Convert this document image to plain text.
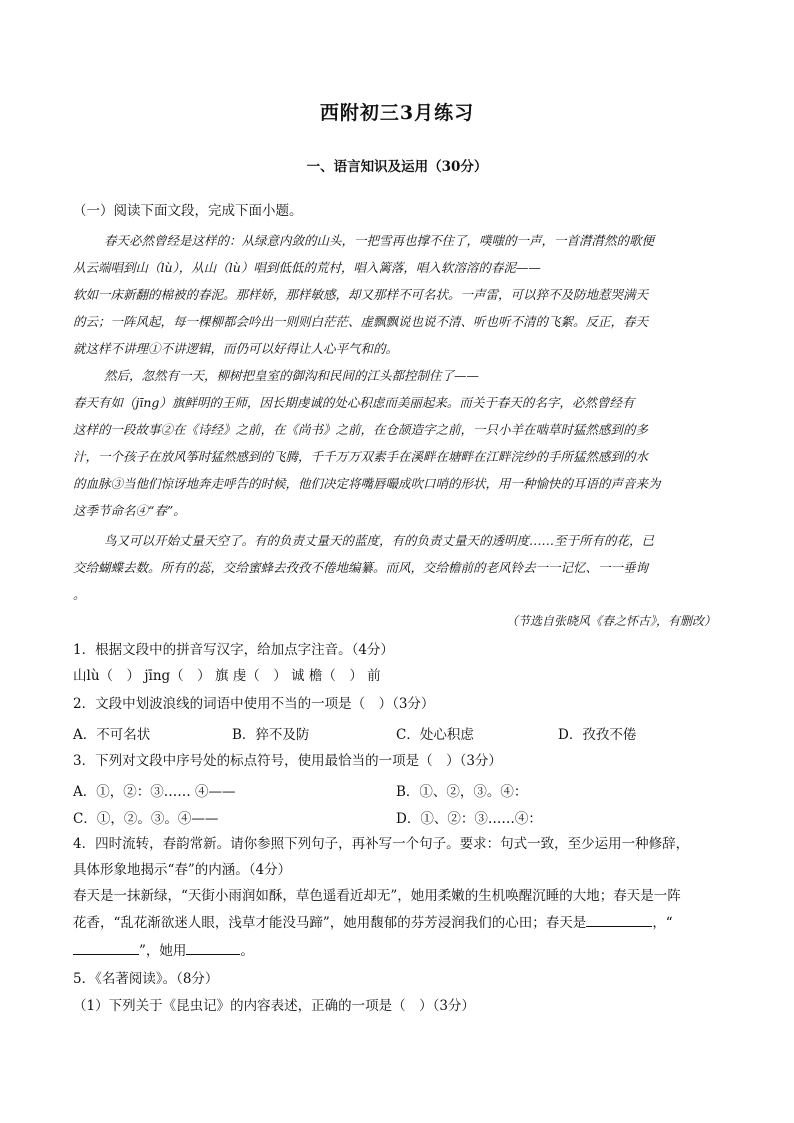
西附初三3月练习
一、语言知识及运用（30分）
（一）阅读下面文段，完成下面小题。
春天必然曾经是这样的：从绿意内敛的山头，一把雪再也撑不住了，噗嗤的一声，一首潸潸然的歌便
从云端唱到山（lù），从山（lù）唱到低低的荒村，唱入篱落，唱入软溶溶的春泥——
软如一床新翻的棉被的春泥。那样娇，那样敏感，却又那样不可名状。一声雷，可以猝不及防地惹哭满天
的云；一阵风起，每一棵柳都会吟出一则则白茫茫、虚飘飘说也说不清、听也听不清的飞絮。反正，春天
就这样不讲理①不讲逻辑，而仍可以好得让人心平气和的。
然后，忽然有一天，柳树把皇室的御沟和民间的江头都控制住了——
春天有如（jīng）旗鲜明的王师，因长期虔诚的处心积虑而美丽起来。而关于春天的名字，必然曾经有
这样的一段故事②在《诗经》之前，在《尚书》之前，在仓颉造字之前，一只小羊在啮草时猛然感到的多
汁，一个孩子在放风筝时猛然感到的飞腾，千千万万双素手在溪畔在塘畔在江畔浣纱的手所猛然感到的水
的血脉③当他们惊讶地奔走呼告的时候，他们决定将嘴唇嘬成吹口哨的形状，用一种愉快的耳语的声音来为
这季节命名④“春”。
鸟又可以开始丈量天空了。有的负责丈量天的蓝度，有的负责丈量天的透明度……至于所有的花，已
交给蝴蝶去数。所有的蕊，交给蜜蜂去孜孜不倦地编纂。而风，交给檐前的老风铃去一一记忆、一一垂询
。
（节选自张晓风《春之怀古》，有删改）
1．根据文段中的拼音写汉字，给加点字注音。（4分）
山lù（　） jīng（　） 旗 虔（　） 诚 檐（　） 前
2．文段中划波浪线的词语中使用不当的一项是（　）（3分）
A．不可名状	B．猝不及防	C．处心积虑	D．孜孜不倦
3．下列对文段中序号处的标点符号，使用最恰当的一项是（　）（3分）
A．①，②：③…… ④——	B．①、②，③。④：
C．①，②。③。④——	D．①、②：③……④：
4．四时流转，春韵常新。请你参照下列句子，再补写一个句子。要求：句式一致，至少运用一种修辞，
具体形象地揭示“春”的内涵。（4分）
春天是一抹新绿，“天街小雨润如酥，草色遥看近却无”，她用柔嫩的生机唤醒沉睡的大地；春天是一阵
花香，“乱花渐欲迷人眼，浅草才能没马蹄”，她用馥郁的芬芳浸润我们的心田；春天是	，“
”，她用	。
5．《名著阅读》。（8分）
（1）下列关于《昆虫记》的内容表述，正确的一项是（　）（3分）
